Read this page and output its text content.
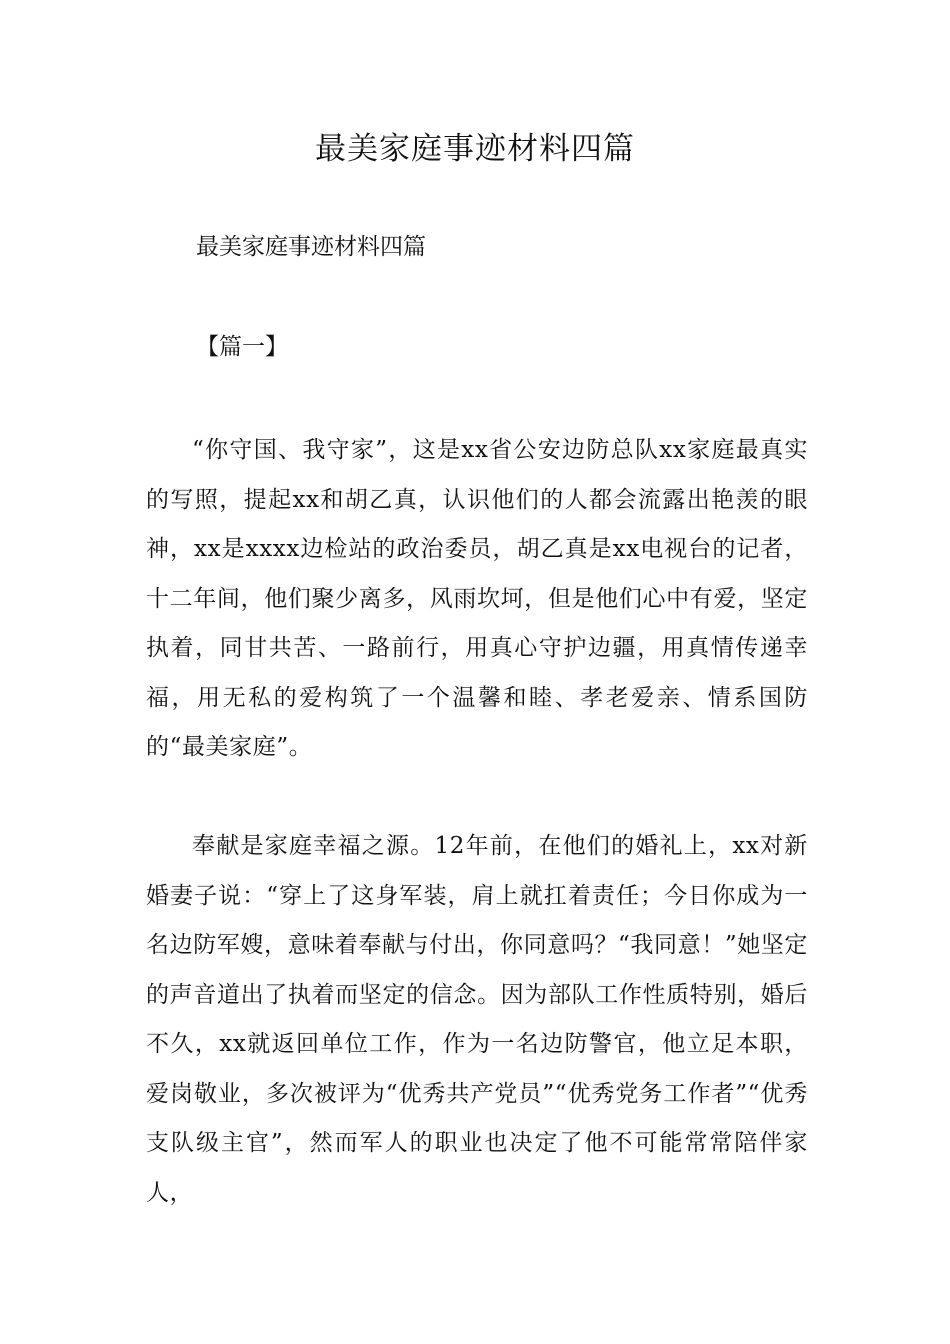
最美家庭事迹材料四篇

最美家庭事迹材料四篇

【篇一】

“你守国、我守家”，这是xx省公安边防总队xx家庭最真实的写照，提起xx和胡乙真，认识他们的人都会流露出艳羡的眼神，xx是xxxx边检站的政治委员，胡乙真是xx电视台的记者，十二年间，他们聚少离多，风雨坎坷，但是他们心中有爱，坚定执着，同甘共苦、一路前行，用真心守护边疆，用真情传递幸福，用无私的爱构筑了一个温馨和睦、孝老爱亲、情系国防的“最美家庭”。

奉献是家庭幸福之源。12年前，在他们的婚礼上，xx对新婚妻子说：“穿上了这身军装，肩上就扛着责任；今日你成为一名边防军嫂，意味着奉献与付出，你同意吗？“我同意！”她坚定的声音道出了执着而坚定的信念。因为部队工作性质特别，婚后不久，xx就返回单位工作，作为一名边防警官，他立足本职，爱岗敬业，多次被评为“优秀共产党员”“优秀党务工作者”“优秀支队级主官”，然而军人的职业也决定了他不可能常常陪伴家人，
